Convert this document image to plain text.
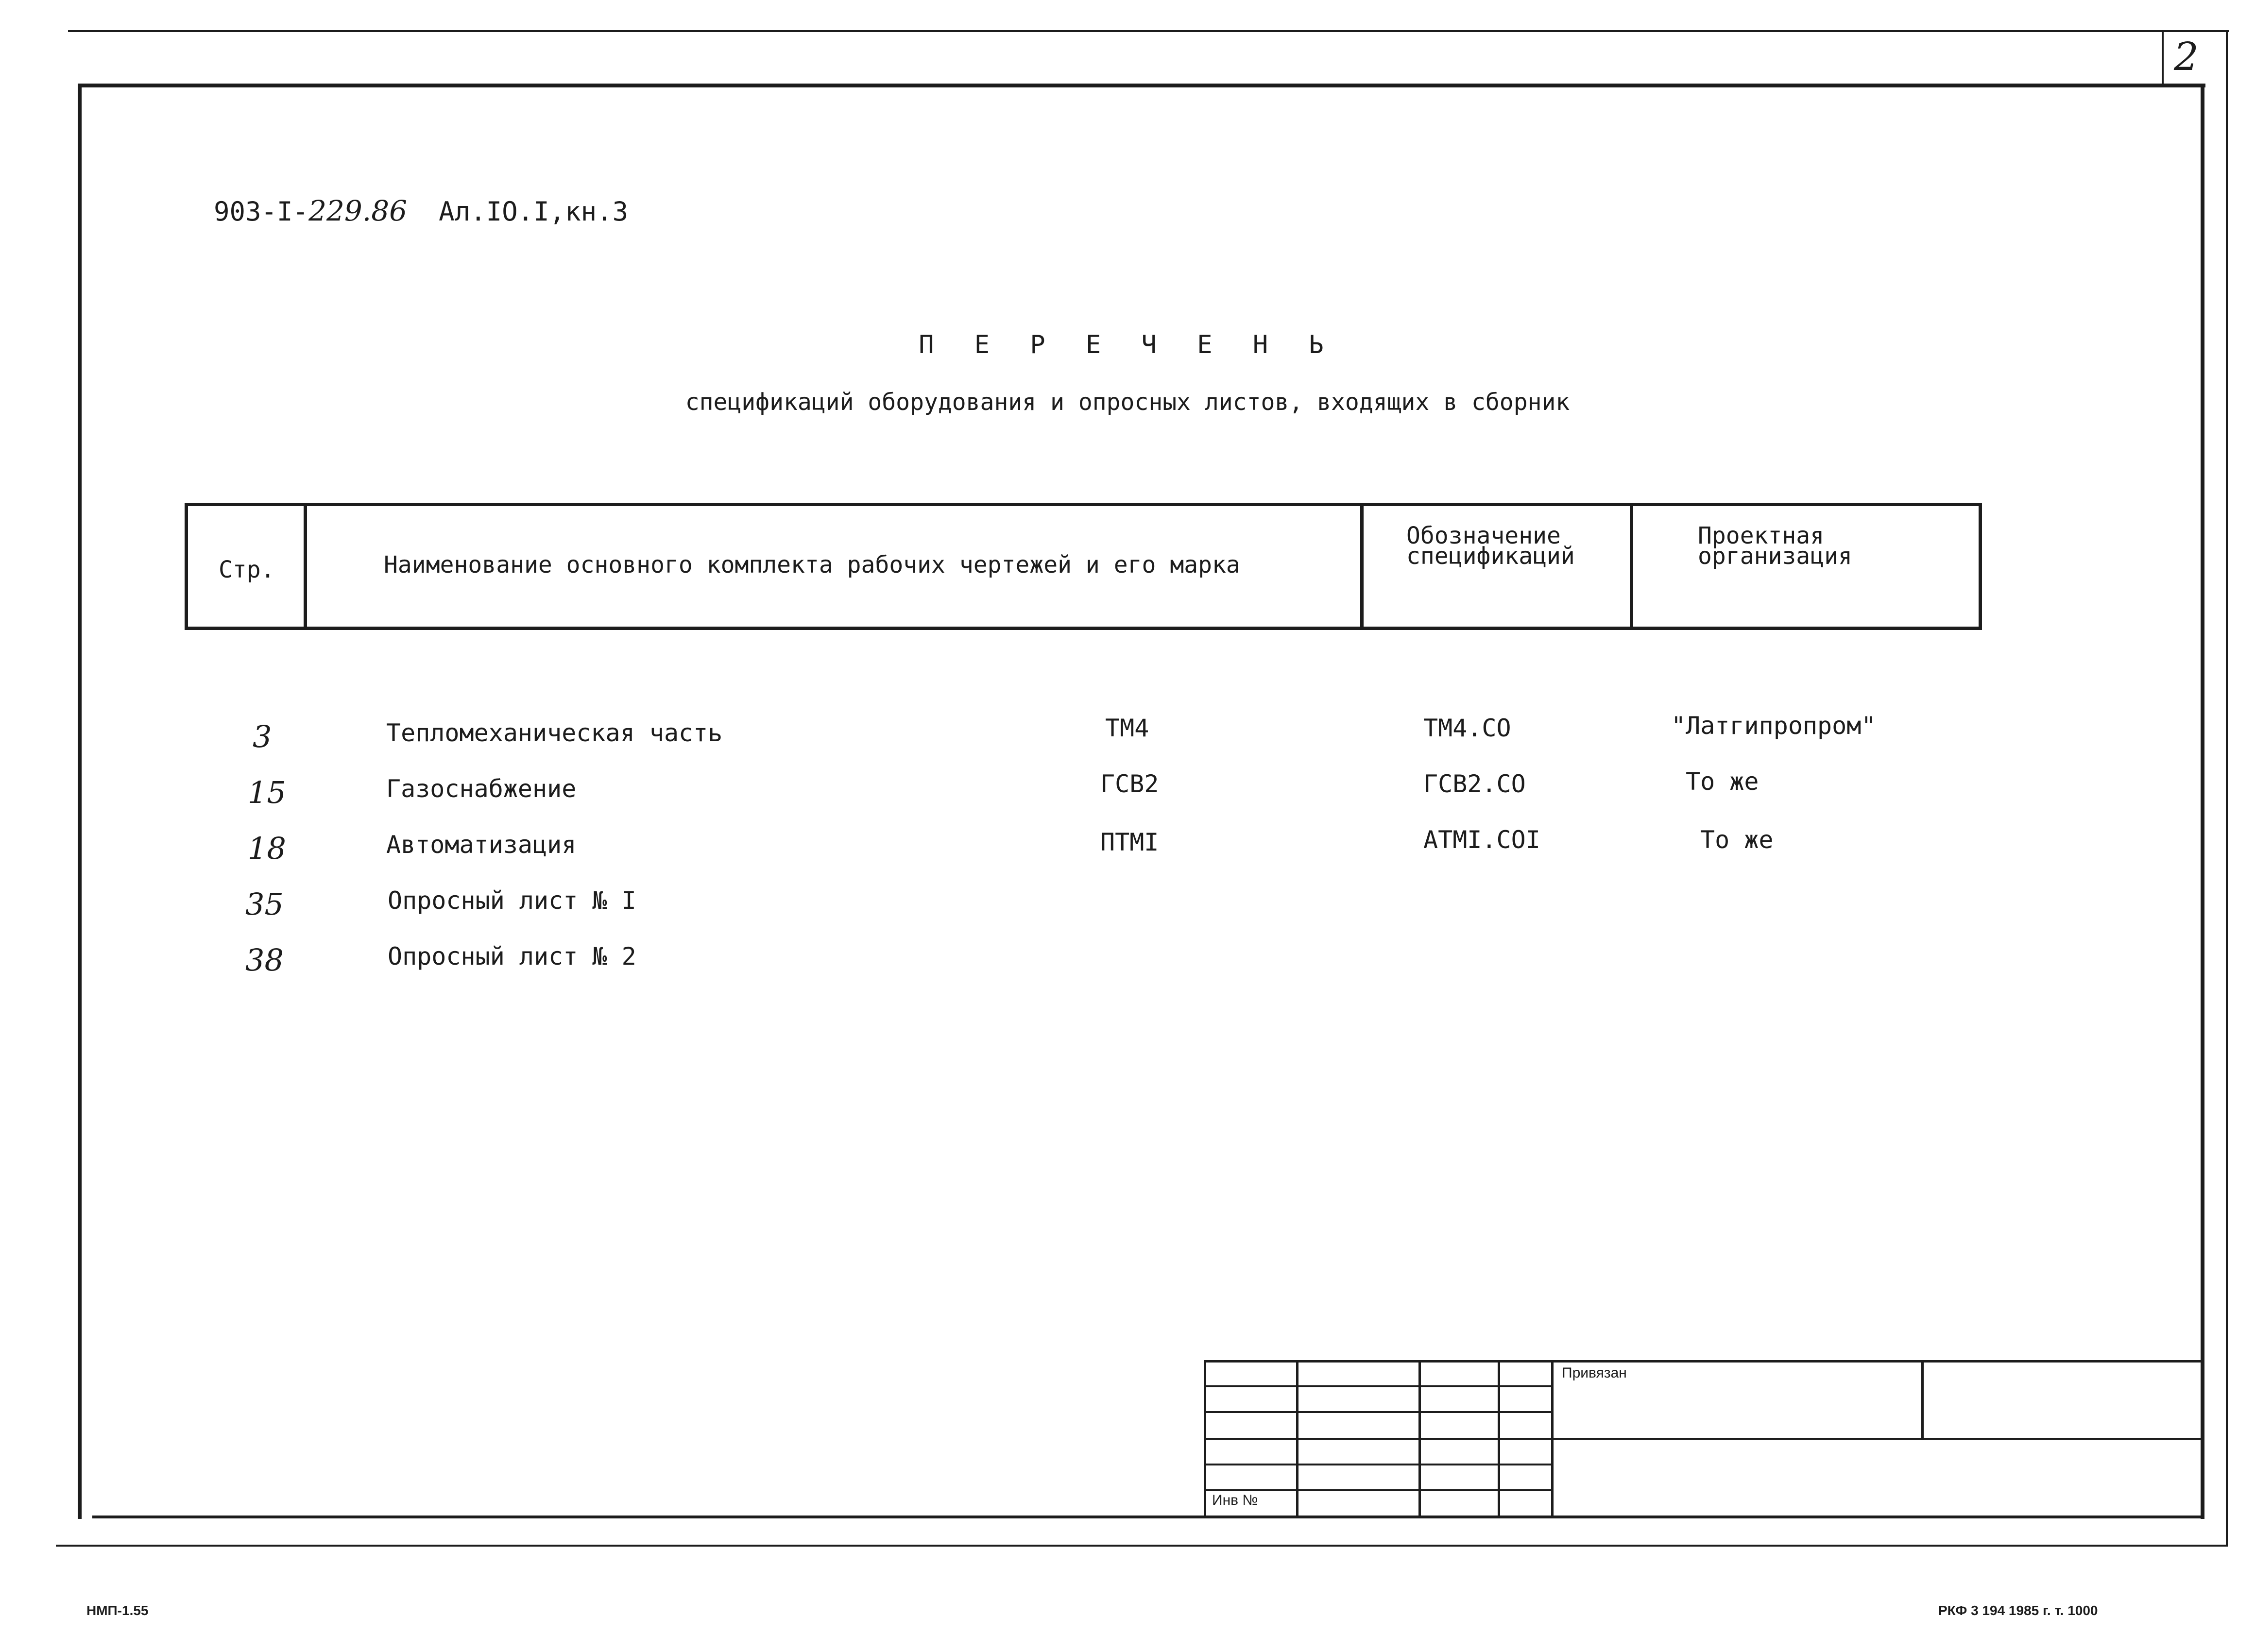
2
903-I-229.86 Ал.IO.I,кн.3
П Е Р Е Ч Е Н Ь
спецификаций оборудования и опросных листов, входящих в сборник
Стр.	Наименование основного комплекта рабочих чертежей и его марка
Обозначение
спецификаций
Проектная
организация
3	Тепломеханическая часть	ТМ4	ТМ4.СО	"Латгипропром"
15	Газоснабжение	ГСВ2	ГСВ2.СО	То же
18	Автоматизация	ПТМI	АТМI.СОI	То же
35	Опросный лист № I
38	Опросный лист № 2
Привязан
Инв №
НМП-1.55	РКФ 3 194 1985 г. т. 1000
